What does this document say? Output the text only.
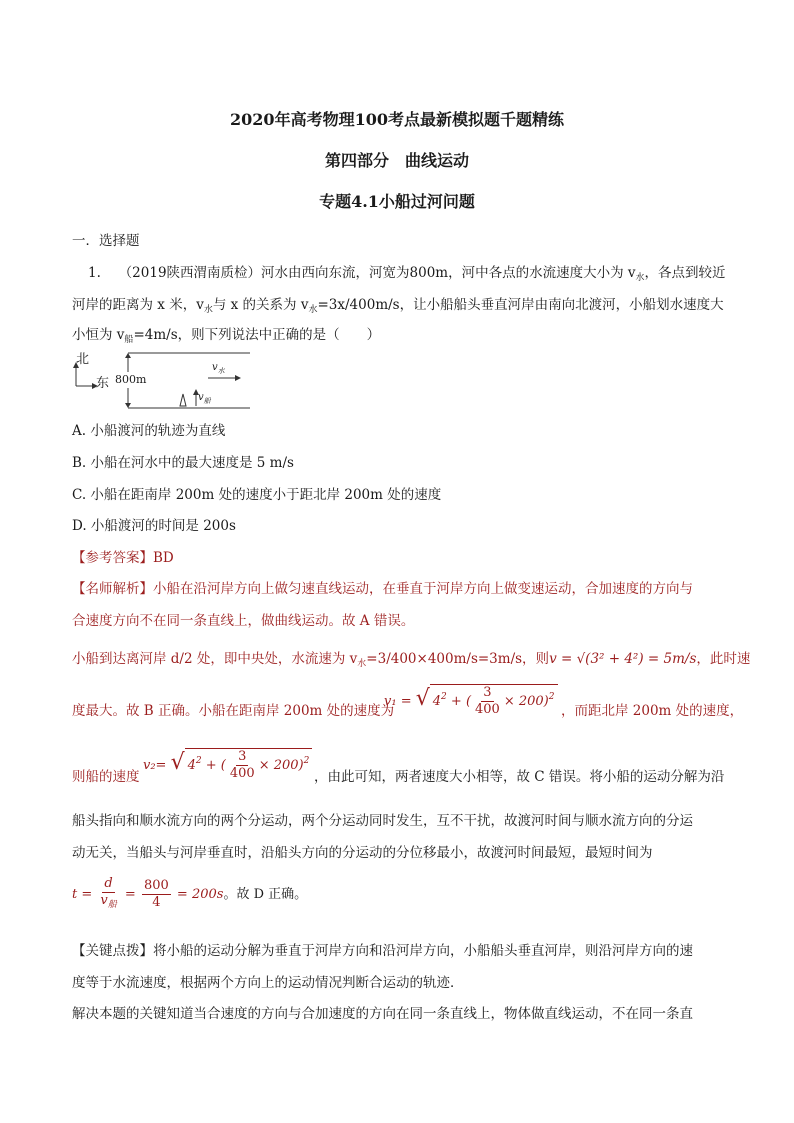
2020年高考物理100考点最新模拟题千题精练
第四部分　曲线运动
专题4.1小船过河问题
一．选择题
1.　 （2019陕西渭南质检）河水由西向东流，河宽为800m，河中各点的水流速度大小为 $v_水$，各点到较近
河岸的距离为 x 米，$v_水$与 x 的关系为 $v_水=3x/400m/s$，让小船船头垂直河岸由南向北渡河，小船划水速度大
小恒为 $v_船=4m/s$，则下列说法中正确的是（　　）
北
东 800m
$v_水$
$v_船$
A. 小船渡河的轨迹为直线
B. 小船在河水中的最大速度是 5 m/s
C. 小船在距南岸 200m 处的速度小于距北岸 200m 处的速度
D. 小船渡河的时间是 200s
【参考答案】BD
【名师解析】小船在沿河岸方向上做匀速直线运动，在垂直于河岸方向上做变速运动，合加速度的方向与
合速度方向不在同一条直线上，做曲线运动。故 A 错误。
小船到达离河岸 d/2 处，即中央处，水流速为 $v_水=3/400\times 400m/s=3m/s$，则v = √(3² + 4²) = 5m/s，此时速
度最大。故 B 正确。小船在距南岸 200m 处的速度为
v₁ = √ $4^2$ + ( $\frac{3}{400} \times 200)^2$
，而距北岸 200m 处的速度，
则船的速度
v₂= √ $4^2$ + ( $\frac{3}{400} \times 200)^2$
，由此可知，两者速度大小相等，故 C 错误。将小船的运动分解为沿
船头指向和顺水流方向的两个分运动，两个分运动同时发生，互不干扰，故渡河时间与顺水流方向的分运
动无关，当船头与河岸垂直时，沿船头方向的分运动的分位移最小，故渡河时间最短，最短时间为
$t = \frac{d}{v_船} = \frac{800}{4} = 200s$。故 D 正确。
【关键点拨】将小船的运动分解为垂直于河岸方向和沿河岸方向，小船船头垂直河岸，则沿河岸方向的速
度等于水流速度，根据两个方向上的运动情况判断合运动的轨迹．
解决本题的关键知道当合速度的方向与合加速度的方向在同一条直线上，物体做直线运动，不在同一条直
